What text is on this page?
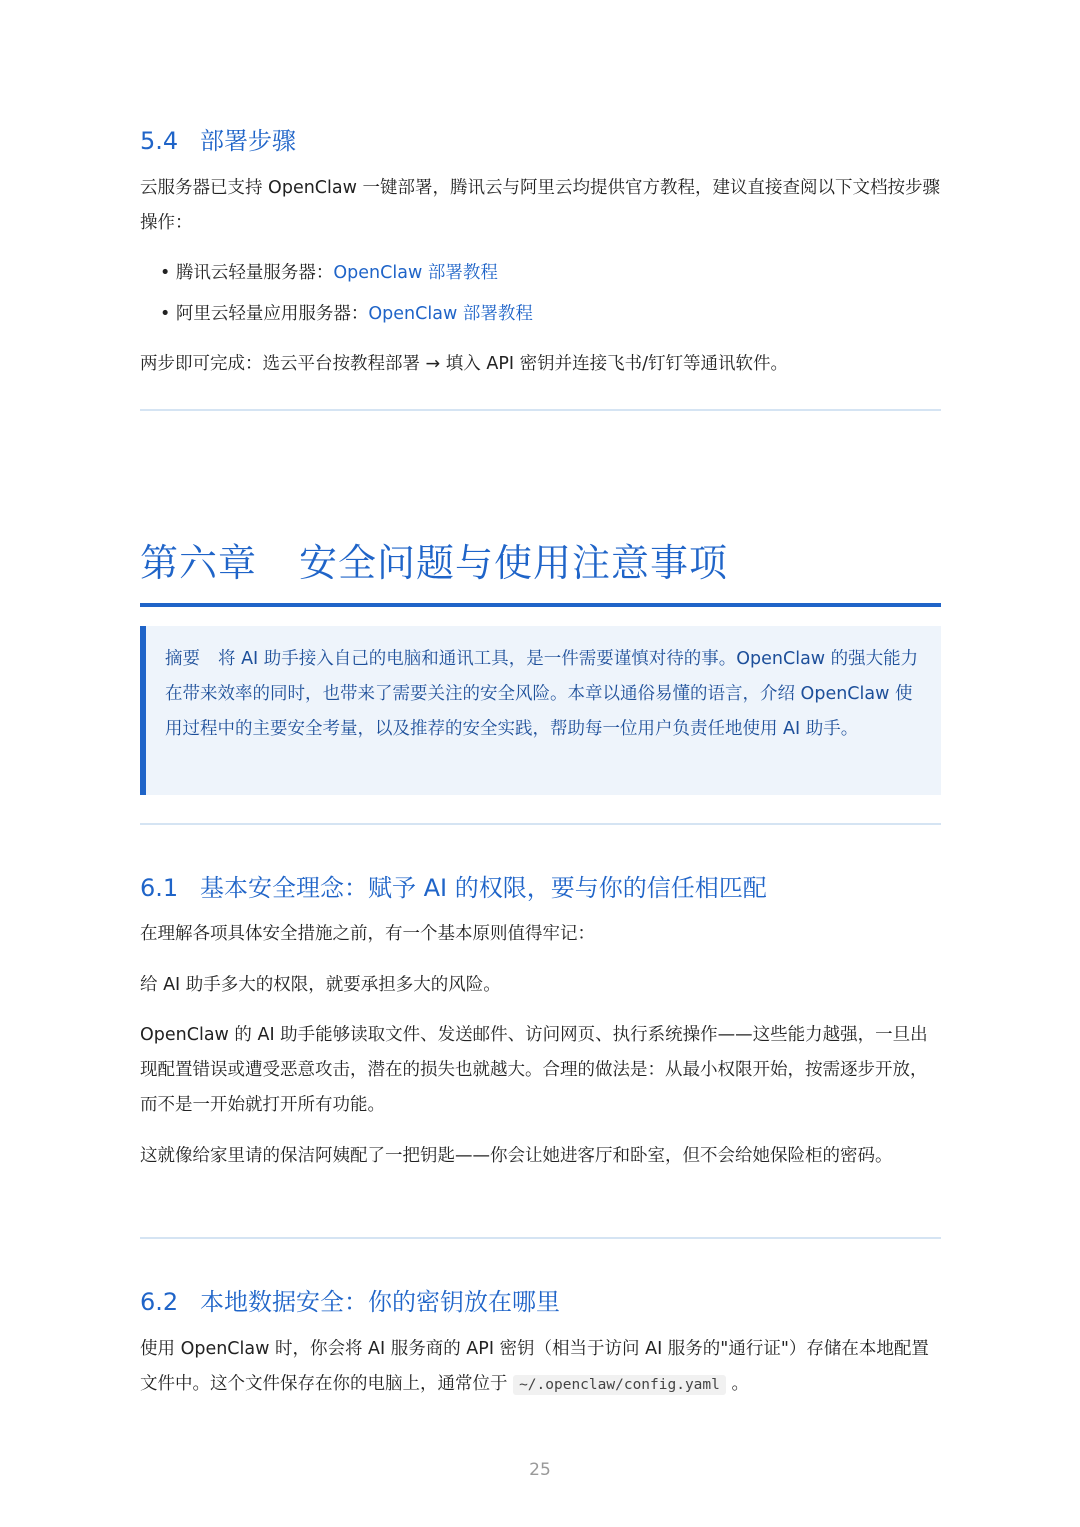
5.4 部署步骤
云服务器已支持 OpenClaw 一键部署，腾讯云与阿里云均提供官方教程，建议直接查阅以下文档按步骤操作：
• 腾讯云轻量服务器：OpenClaw 部署教程
• 阿里云轻量应用服务器：OpenClaw 部署教程
两步即可完成：选云平台按教程部署 → 填入 API 密钥并连接飞书/钉钉等通讯软件。
第六章 安全问题与使用注意事项
摘要 将 AI 助手接入自己的电脑和通讯工具，是一件需要谨慎对待的事。OpenClaw 的强大能力在带来效率的同时，也带来了需要关注的安全风险。本章以通俗易懂的语言，介绍 OpenClaw 使用过程中的主要安全考量，以及推荐的安全实践，帮助每一位用户负责任地使用 AI 助手。
6.1 基本安全理念：赋予 AI 的权限，要与你的信任相匹配
在理解各项具体安全措施之前，有一个基本原则值得牢记：
给 AI 助手多大的权限，就要承担多大的风险。
OpenClaw 的 AI 助手能够读取文件、发送邮件、访问网页、执行系统操作——这些能力越强，一旦出现配置错误或遭受恶意攻击，潜在的损失也就越大。合理的做法是：从最小权限开始，按需逐步开放，而不是一开始就打开所有功能。
这就像给家里请的保洁阿姨配了一把钥匙——你会让她进客厅和卧室，但不会给她保险柜的密码。
6.2 本地数据安全：你的密钥放在哪里
使用 OpenClaw 时，你会将 AI 服务商的 API 密钥（相当于访问 AI 服务的"通行证"）存储在本地配置文件中。这个文件保存在你的电脑上，通常位于 ~/.openclaw/config.yaml 。
25
